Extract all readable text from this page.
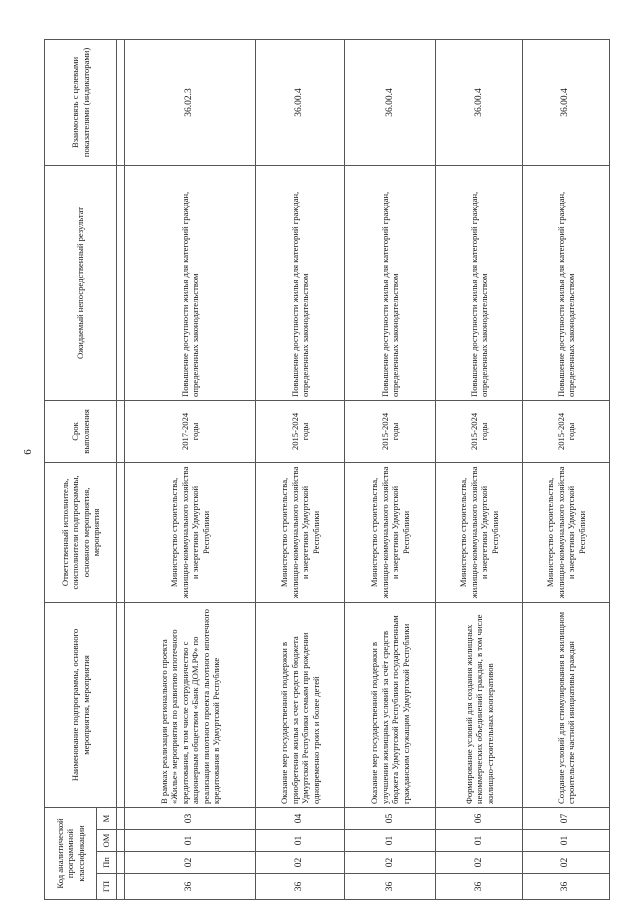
6
Код аналитической программной классификации				Наименование подпрограммы, основного мероприятия, мероприятия	Ответственный исполнитель, соисполнители подпрограммы, основного мероприятия, мероприятия	Срок выполнения	Ожидаемый непосредственный результат	Взаимосвязь с целевыми показателями (индикаторами)
ГП	Пп	ОМ	М					

36	02	01	03	В рамках реализации регионального проекта «Жилье» мероприятия по развитию ипотечного кредитования, в том числе сотрудничество с акционерным обществом «Банк ДОМ.РФ» по реализации пилотного проекта льготного ипотечного кредитования в Удмуртской Республике	Министерство строительства, жилищно-коммунального хозяйства и энергетики Удмуртской Республики	2017-2024 годы	Повышение доступности жилья для категорий граждан, определенных законодательством	36.02.3
36	02	01	04	Оказание мер государственной поддержки в приобретении жилья за счет средств бюджета Удмуртской Республики семьям при рождении одновременно троих и более детей	Министерство строительства, жилищно-коммунального хозяйства и энергетики Удмуртской Республики	2015-2024 годы	Повышение доступности жилья для категорий граждан, определенных законодательством	36.00.4
36	02	01	05	Оказание мер государственной поддержки в улучшении жилищных условий за счёт средств бюджета Удмуртской Республики государственным гражданским служащим Удмуртской Республики	Министерство строительства, жилищно-коммунального хозяйства и энергетики Удмуртской Республики	2015-2024 годы	Повышение доступности жилья для категорий граждан, определенных законодательством	36.00.4
36	02	01	06	Формирование условий для создания жилищных некоммерческих объединений граждан, в том числе жилищно-строительных кооперативов	Министерство строительства, жилищно-коммунального хозяйства и энергетики Удмуртской Республики	2015-2024 годы	Повышение доступности жилья для категорий граждан, определенных законодательством	36.00.4
36	02	01	07	Создание условий для стимулирования в жилищном строительстве частной инициативы граждан	Министерство строительства, жилищно-коммунального хозяйства и энергетики Удмуртской Республики	2015-2024 годы	Повышение доступности жилья для категорий граждан, определенных законодательством	36.00.4
